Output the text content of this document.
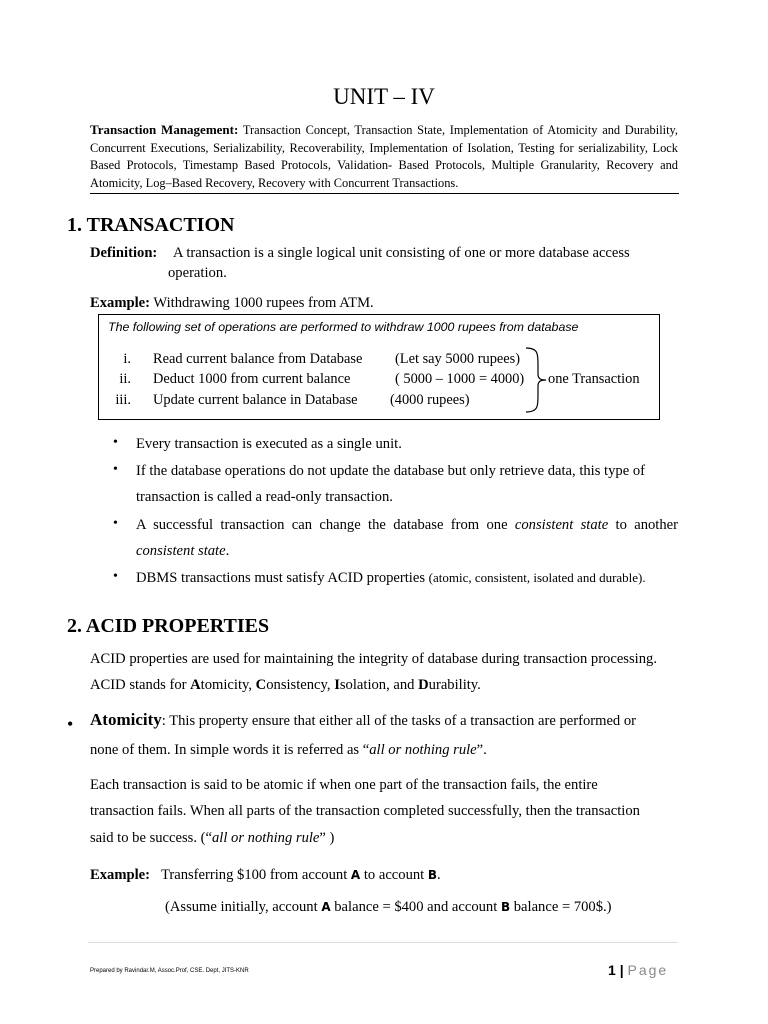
UNIT – IV
Transaction Management: Transaction Concept, Transaction State, Implementation of Atomicity and Durability, Concurrent Executions, Serializability, Recoverability, Implementation of Isolation, Testing for serializability, Lock Based Protocols, Timestamp Based Protocols, Validation- Based Protocols, Multiple Granularity, Recovery and Atomicity, Log–Based Recovery, Recovery with Concurrent Transactions.
1. TRANSACTION
Definition: A transaction is a single logical unit consisting of one or more database access
operation.
Example: Withdrawing 1000 rupees from ATM.
The following set of operations are performed to withdraw 1000 rupees from database
i. Read current balance from Database (Let say 5000 rupees)
ii. Deduct 1000 from current balance	( 5000 – 1000 = 4000)
iii. Update current balance in Database (4000 rupees)
one Transaction
• Every transaction is executed as a single unit.
• If the database operations do not update the database but only retrieve data, this type of
transaction is called a read-only transaction.
• A successful transaction can change the database from one consistent state to another
consistent state.
• DBMS transactions must satisfy ACID properties (atomic, consistent, isolated and durable).
2. ACID PROPERTIES
ACID properties are used for maintaining the integrity of database during transaction processing.
ACID stands for Atomicity, Consistency, Isolation, and Durability.
• Atomicity: This property ensure that either all of the tasks of a transaction are performed or
none of them. In simple words it is referred as “all or nothing rule”.
Each transaction is said to be atomic if when one part of the transaction fails, the entire
transaction fails. When all parts of the transaction completed successfully, then the transaction
said to be success. (“all or nothing rule” )
Example: Transferring $100 from account A to account B.
(Assume initially, account A balance = $400 and account B balance = 700$.)
Prepared by Ravindar.M, Assoc.Prof, CSE. Dept, JITS-KNR	1 | Page
